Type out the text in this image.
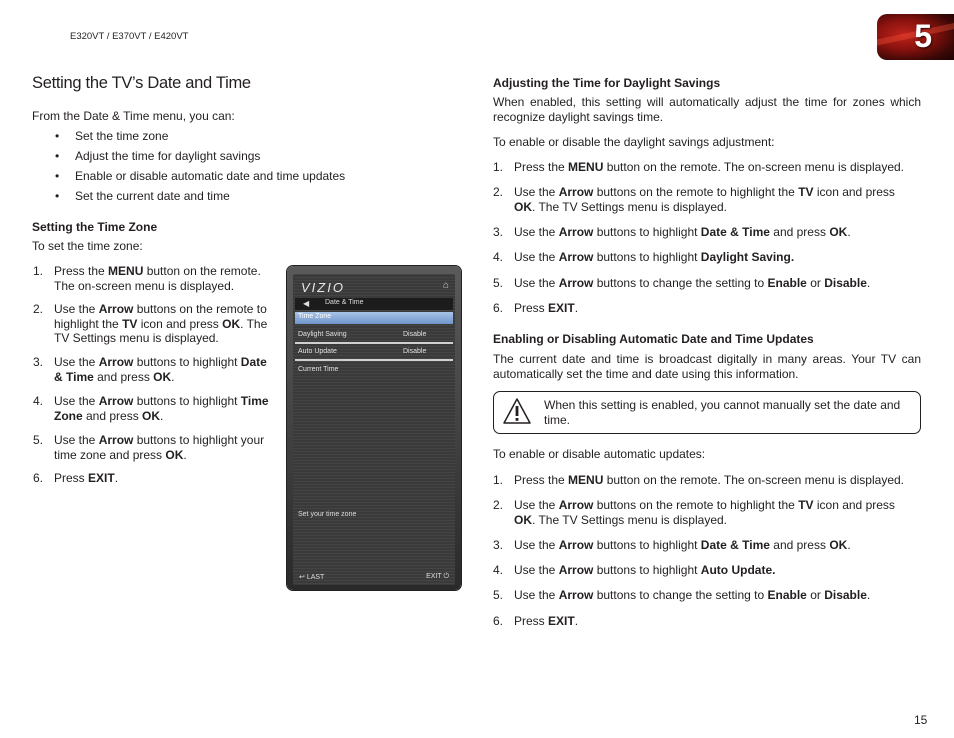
E320VT / E370VT / E420VT	5
Setting the TV’s Date and Time
From the Date & Time menu, you can:
• Set the time zone
• Adjust the time for daylight savings
• Enable or disable automatic date and time updates
• Set the current date and time
Setting the Time Zone
To set the time zone:
1. Press the MENU button on the remote. The on-screen menu is displayed.
2. Use the Arrow buttons on the remote to highlight the TV icon and press OK. The TV Settings menu is displayed.
3. Use the Arrow buttons to highlight Date & Time and press OK.
4. Use the Arrow buttons to highlight Time Zone and press OK.
5. Use the Arrow buttons to highlight your time zone and press OK.
6. Press EXIT.
VIZIO	⌂
◀ Date & Time
Time Zone
Daylight Saving	Disable
Auto Update	Disable
Current Time
Set your time zone
↩ LAST	EXIT ⏻
Adjusting the Time for Daylight Savings
When enabled, this setting will automatically adjust the time for zones which recognize daylight savings time.
To enable or disable the daylight savings adjustment:
1. Press the MENU button on the remote. The on-screen menu is displayed.
2. Use the Arrow buttons on the remote to highlight the TV icon and press OK. The TV Settings menu is displayed.
3. Use the Arrow buttons to highlight Date & Time and press OK.
4. Use the Arrow buttons to highlight Daylight Saving.
5. Use the Arrow buttons to change the setting to Enable or Disable.
6. Press EXIT.
Enabling or Disabling Automatic Date and Time Updates
The current date and time is broadcast digitally in many areas. Your TV can automatically set the time and date using this information.
When this setting is enabled, you cannot manually set the date and time.
To enable or disable automatic updates:
1. Press the MENU button on the remote. The on-screen menu is displayed.
2. Use the Arrow buttons on the remote to highlight the TV icon and press OK. The TV Settings menu is displayed.
3. Use the Arrow buttons to highlight Date & Time and press OK.
4. Use the Arrow buttons to highlight Auto Update.
5. Use the Arrow buttons to change the setting to Enable or Disable.
6. Press EXIT.
15
